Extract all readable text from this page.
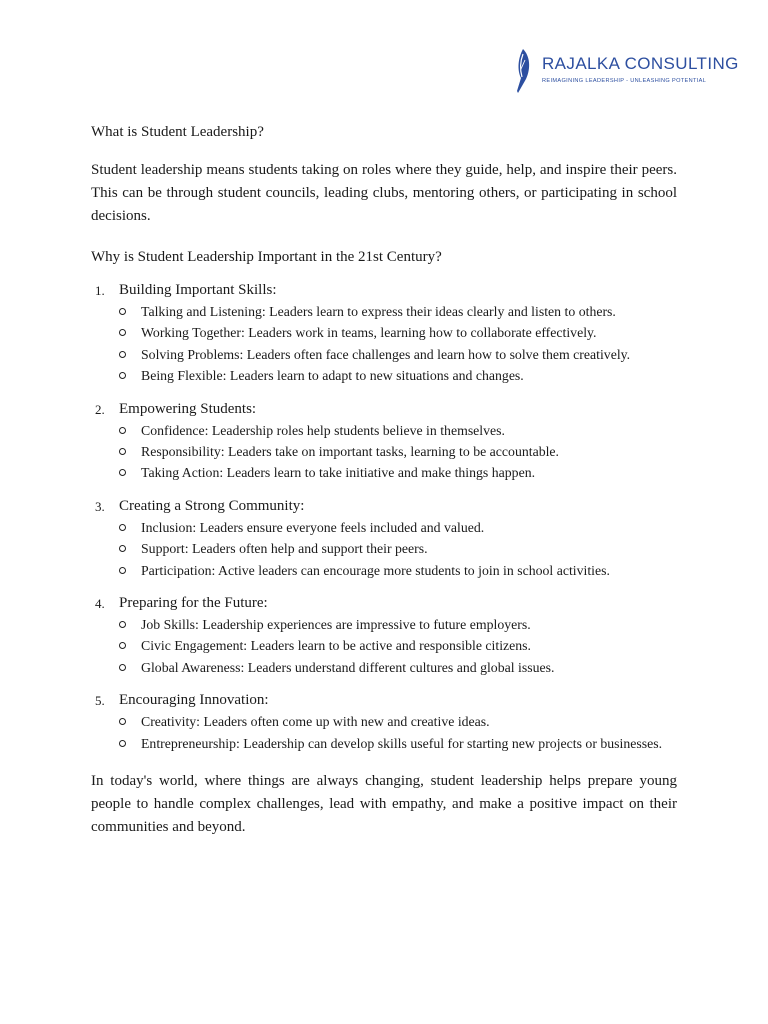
RAJALKA CONSULTING
REIMAGINING LEADERSHIP - UNLEASHING POTENTIAL

What is Student Leadership?

Student leadership means students taking on roles where they guide, help, and inspire their peers. This can be through student councils, leading clubs, mentoring others, or participating in school decisions.

Why is Student Leadership Important in the 21st Century?

1. Building Important Skills:
Talking and Listening: Leaders learn to express their ideas clearly and listen to others.
Working Together: Leaders work in teams, learning how to collaborate effectively.
Solving Problems: Leaders often face challenges and learn how to solve them creatively.
Being Flexible: Leaders learn to adapt to new situations and changes.
2. Empowering Students:
Confidence: Leadership roles help students believe in themselves.
Responsibility: Leaders take on important tasks, learning to be accountable.
Taking Action: Leaders learn to take initiative and make things happen.
3. Creating a Strong Community:
Inclusion: Leaders ensure everyone feels included and valued.
Support: Leaders often help and support their peers.
Participation: Active leaders can encourage more students to join in school activities.
4. Preparing for the Future:
Job Skills: Leadership experiences are impressive to future employers.
Civic Engagement: Leaders learn to be active and responsible citizens.
Global Awareness: Leaders understand different cultures and global issues.
5. Encouraging Innovation:
Creativity: Leaders often come up with new and creative ideas.
Entrepreneurship: Leadership can develop skills useful for starting new projects or businesses.

In today's world, where things are always changing, student leadership helps prepare young people to handle complex challenges, lead with empathy, and make a positive impact on their communities and beyond.
